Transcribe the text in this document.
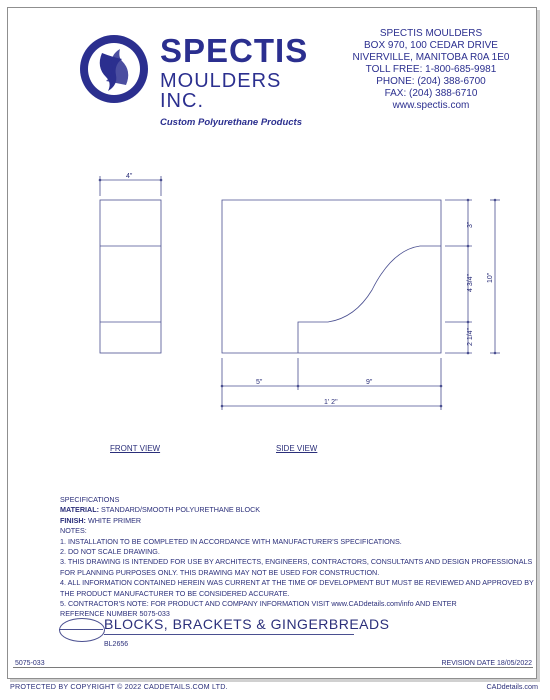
SPECTIS
MOULDERS INC.
Custom Polyurethane Products
SPECTIS MOULDERS
BOX 970, 100 CEDAR DRIVE
NIVERVILLE, MANITOBA R0A 1E0
TOLL FREE: 1-800-685-9981
PHONE: (204) 388-6700
FAX: (204) 388-6710
www.spectis.com
4"
3"
4 3/4"
2 1/4"
10"
5"	9"
1' 2"
FRONT VIEW	SIDE VIEW
SPECIFICATIONS
MATERIAL: STANDARD/SMOOTH POLYURETHANE BLOCK
FINISH: WHITE PRIMER
NOTES:
1. INSTALLATION TO BE COMPLETED IN ACCORDANCE WITH MANUFACTURER'S SPECIFICATIONS.
2. DO NOT SCALE DRAWING.
3. THIS DRAWING IS INTENDED FOR USE BY ARCHITECTS, ENGINEERS, CONTRACTORS, CONSULTANTS AND DESIGN PROFESSIONALS
FOR PLANNING PURPOSES ONLY. THIS DRAWING MAY NOT BE USED FOR CONSTRUCTION.
4. ALL INFORMATION CONTAINED HEREIN WAS CURRENT AT THE TIME OF DEVELOPMENT BUT MUST BE REVIEWED AND APPROVED BY
THE PRODUCT MANUFACTURER TO BE CONSIDERED ACCURATE.
5. CONTRACTOR'S NOTE: FOR PRODUCT AND COMPANY INFORMATION VISIT www.CADdetails.com/info AND ENTER
REFERENCE NUMBER 5075-033
BLOCKS, BRACKETS & GINGERBREADS
BL2656
5075-033	REVISION DATE 18/05/2022
PROTECTED BY COPYRIGHT © 2022 CADDETAILS.COM LTD.	CADdetails.com
